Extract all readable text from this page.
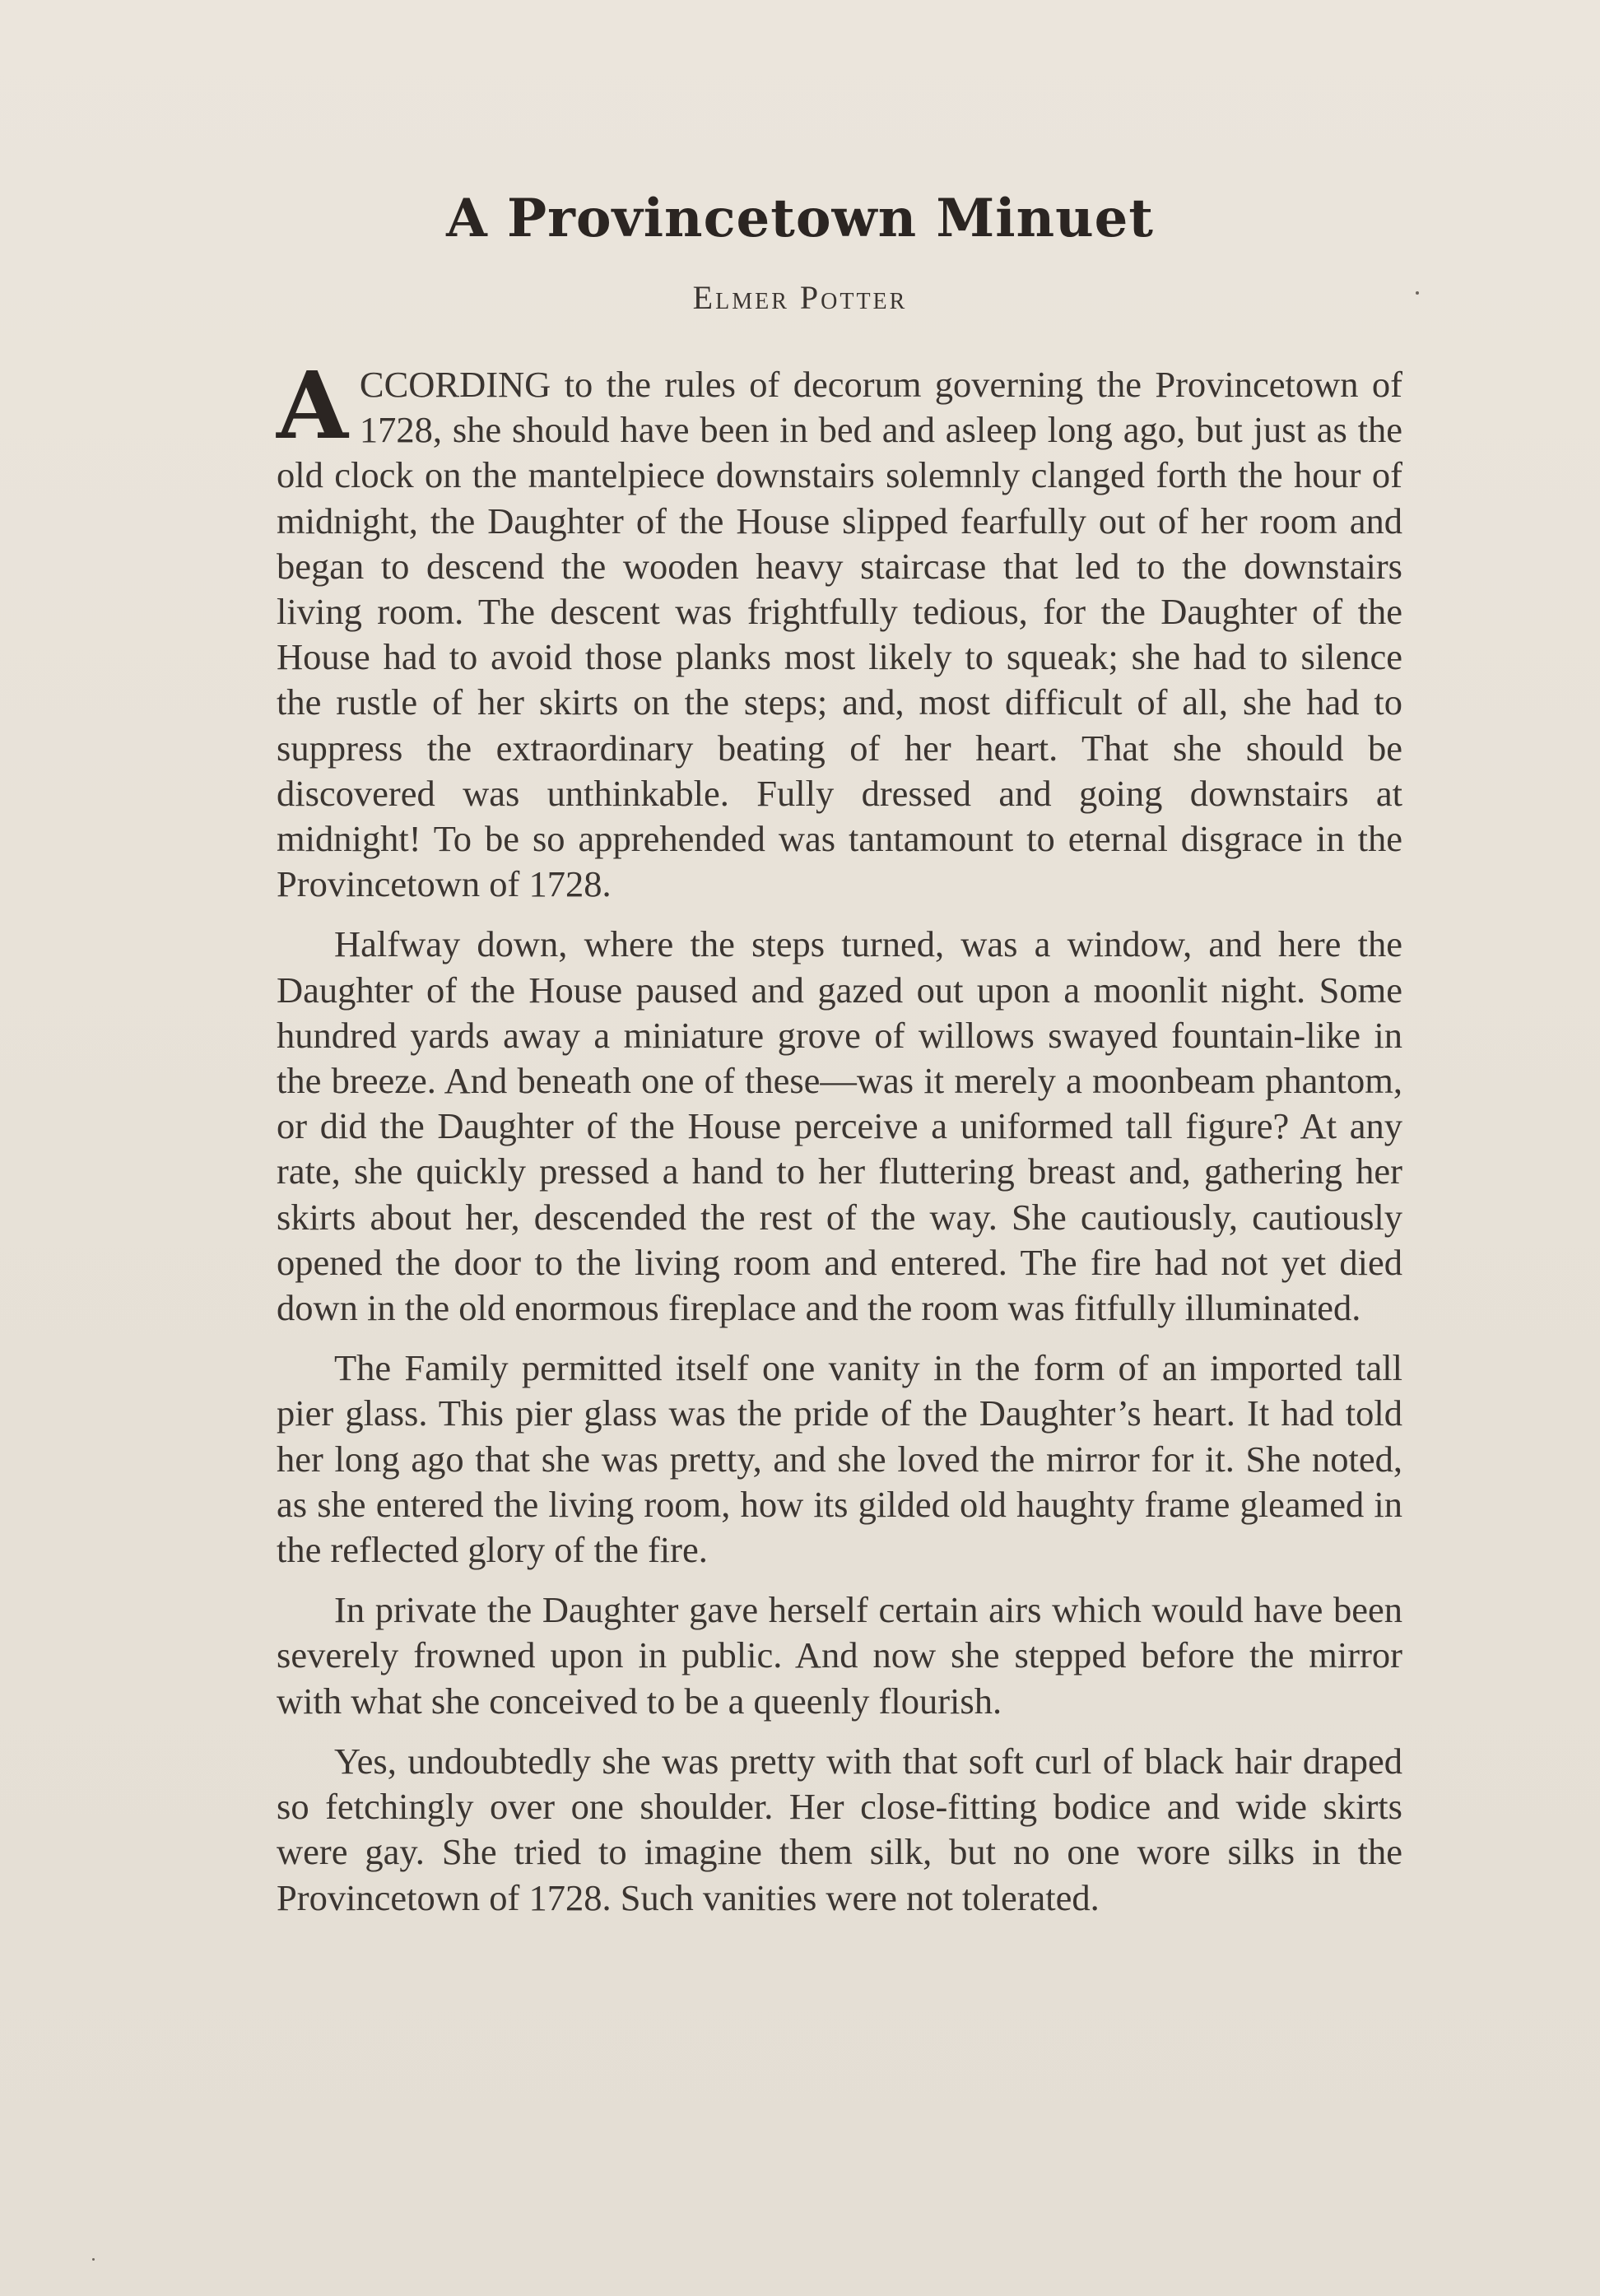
A Provincetown Minuet
Elmer Potter

ACCORDING to the rules of decorum governing the Provincetown of 1728, she should have been in bed and asleep long ago, but just as the old clock on the mantelpiece downstairs solemnly clanged forth the hour of midnight, the Daughter of the House slipped fearfully out of her room and began to descend the wooden heavy staircase that led to the downstairs living room. The descent was frightfully tedious, for the Daughter of the House had to avoid those planks most likely to squeak; she had to silence the rustle of her skirts on the steps; and, most difficult of all, she had to suppress the extraordinary beating of her heart. That she should be discovered was unthinkable. Fully dressed and going downstairs at midnight! To be so apprehended was tantamount to eternal disgrace in the Provincetown of 1728.

Halfway down, where the steps turned, was a window, and here the Daughter of the House paused and gazed out upon a moonlit night. Some hundred yards away a miniature grove of willows swayed fountain-like in the breeze. And beneath one of these—was it merely a moonbeam phantom, or did the Daughter of the House perceive a uniformed tall figure? At any rate, she quickly pressed a hand to her fluttering breast and, gathering her skirts about her, descended the rest of the way. She cautiously, cautiously opened the door to the living room and entered. The fire had not yet died down in the old enormous fireplace and the room was fitfully illuminated.

The Family permitted itself one vanity in the form of an imported tall pier glass. This pier glass was the pride of the Daughter’s heart. It had told her long ago that she was pretty, and she loved the mirror for it. She noted, as she entered the living room, how its gilded old haughty frame gleamed in the reflected glory of the fire.

In private the Daughter gave herself certain airs which would have been severely frowned upon in public. And now she stepped before the mirror with what she conceived to be a queenly flourish.

Yes, undoubtedly she was pretty with that soft curl of black hair draped so fetchingly over one shoulder. Her close-fitting bodice and wide skirts were gay. She tried to imagine them silk, but no one wore silks in the Provincetown of 1728. Such vanities were not tolerated.
